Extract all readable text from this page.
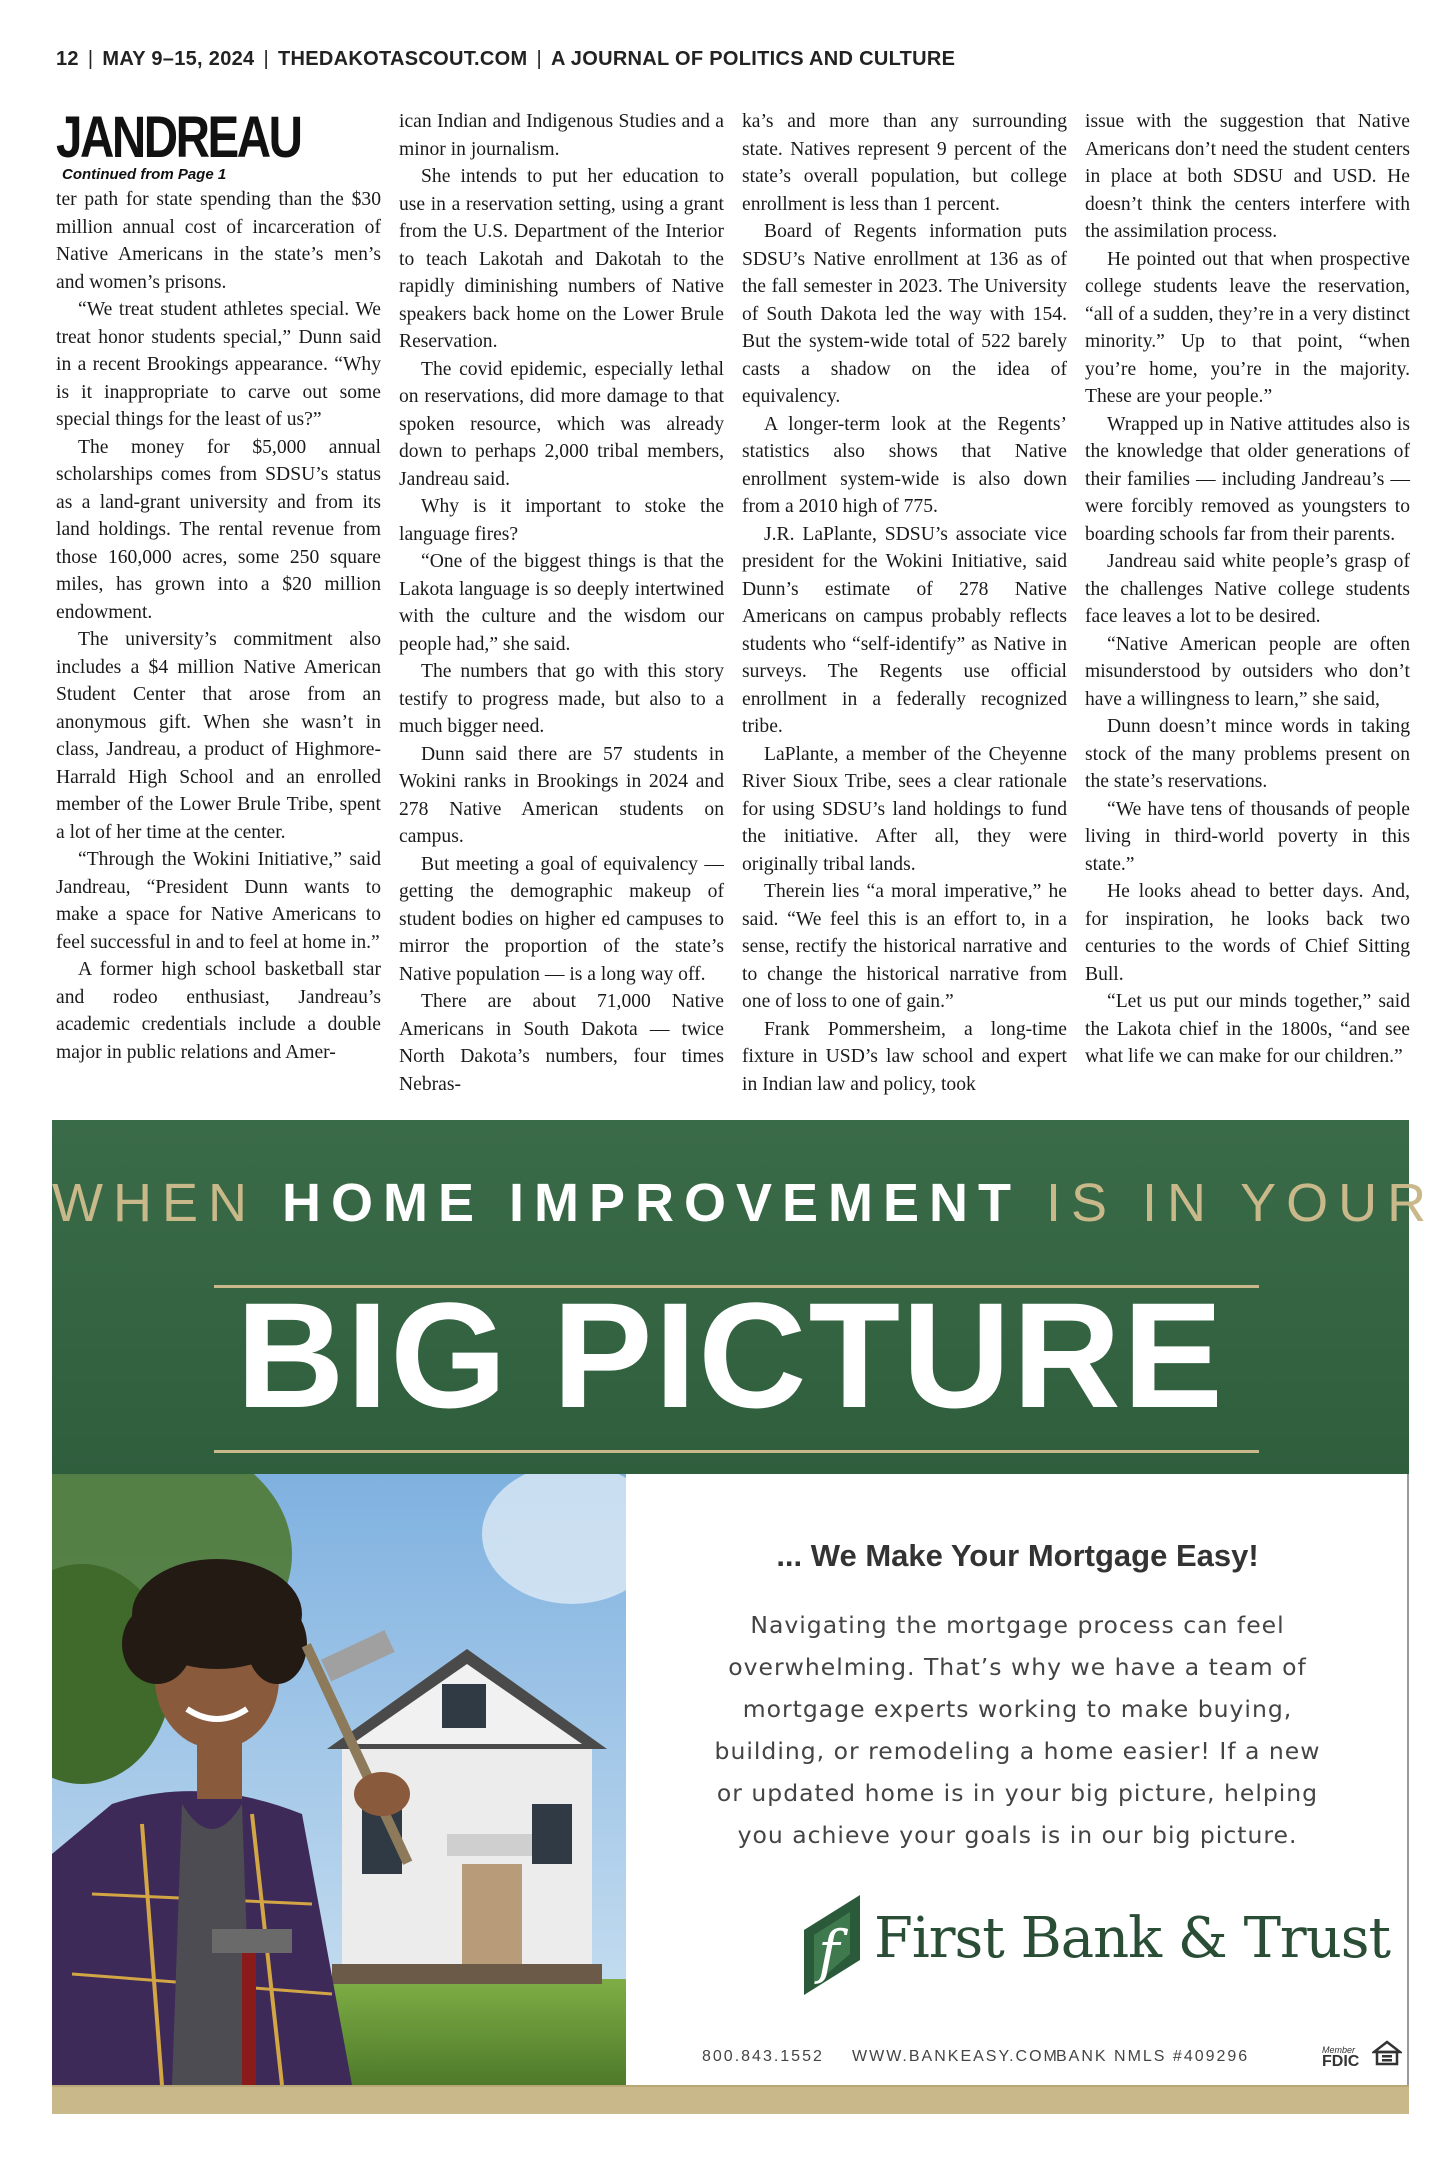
12 | MAY 9–15, 2024 | THEDAKOTASCOUT.COM | A JOURNAL OF POLITICS AND CULTURE
JANDREAU
Continued from Page 1

ter path for state spending than the $30 million annual cost of incarceration of Native Americans in the state’s men’s and women’s prisons.

“We treat student athletes special. We treat honor students special,” Dunn said in a recent Brookings appearance. “Why is it inappropriate to carve out some special things for the least of us?”

The money for $5,000 annual scholarships comes from SDSU’s status as a land-grant university and from its land holdings. The rental revenue from those 160,000 acres, some 250 square miles, has grown into a $20 million endowment.

The university’s commitment also includes a $4 million Native American Student Center that arose from an anonymous gift. When she wasn’t in class, Jandreau, a product of Highmore-Harrald High School and an enrolled member of the Lower Brule Tribe, spent a lot of her time at the center.

“Through the Wokini Initiative,” said Jandreau, “President Dunn wants to make a space for Native Americans to feel successful in and to feel at home in.”

A former high school basketball star and rodeo enthusiast, Jandreau’s academic credentials include a double major in public relations and Amer-

ican Indian and Indigenous Studies and a minor in journalism.

She intends to put her education to use in a reservation setting, using a grant from the U.S. Department of the Interior to teach Lakotah and Dakotah to the rapidly diminishing numbers of Native speakers back home on the Lower Brule Reservation.

The covid epidemic, especially lethal on reservations, did more damage to that spoken resource, which was already down to perhaps 2,000 tribal members, Jandreau said.

Why is it important to stoke the language fires?

“One of the biggest things is that the Lakota language is so deeply intertwined with the culture and the wisdom our people had,” she said.

The numbers that go with this story testify to progress made, but also to a much bigger need.

Dunn said there are 57 students in Wokini ranks in Brookings in 2024 and 278 Native American students on campus.

But meeting a goal of equivalency — getting the demographic makeup of student bodies on higher ed campuses to mirror the proportion of the state’s Native population — is a long way off.

There are about 71,000 Native Americans in South Dakota — twice North Dakota’s numbers, four times Nebras-

ka’s and more than any surrounding state. Natives represent 9 percent of the state’s overall population, but college enrollment is less than 1 percent.

Board of Regents information puts SDSU’s Native enrollment at 136 as of the fall semester in 2023. The University of South Dakota led the way with 154. But the system-wide total of 522 barely casts a shadow on the idea of equivalency.

A longer-term look at the Regents’ statistics also shows that Native enrollment system-wide is also down from a 2010 high of 775.

J.R. LaPlante, SDSU’s associate vice president for the Wokini Initiative, said Dunn’s estimate of 278 Native Americans on campus probably reflects students who “self-identify” as Native in surveys. The Regents use official enrollment in a federally recognized tribe.

LaPlante, a member of the Cheyenne River Sioux Tribe, sees a clear rationale for using SDSU’s land holdings to fund the initiative. After all, they were originally tribal lands.

Therein lies “a moral imperative,” he said. “We feel this is an effort to, in a sense, rectify the historical narrative and to change the historical narrative from one of loss to one of gain.”

Frank Pommersheim, a long-time fixture in USD’s law school and expert in Indian law and policy, took

issue with the suggestion that Native Americans don’t need the student centers in place at both SDSU and USD. He doesn’t think the centers interfere with the assimilation process.

He pointed out that when prospective college students leave the reservation, “all of a sudden, they’re in a very distinct minority.” Up to that point, “when you’re home, you’re in the majority. These are your people.”

Wrapped up in Native attitudes also is the knowledge that older generations of their families — including Jandreau’s — were forcibly removed as youngsters to boarding schools far from their parents.

Jandreau said white people’s grasp of the challenges Native college students face leaves a lot to be desired.

“Native American people are often misunderstood by outsiders who don’t have a willingness to learn,” she said,

Dunn doesn’t mince words in taking stock of the many problems present on the state’s reservations.

“We have tens of thousands of people living in third-world poverty in this state.”

He looks ahead to better days. And, for inspiration, he looks back two centuries to the words of Chief Sitting Bull.

“Let us put our minds together,” said the Lakota chief in the 1800s, “and see what life we can make for our children.”

WHEN HOME IMPROVEMENT IS IN YOUR
BIG PICTURE
... We Make Your Mortgage Easy!
Navigating the mortgage process can feel overwhelming. That’s why we have a team of mortgage experts working to make buying, building, or remodeling a home easier! If a new or updated home is in your big picture, helping you achieve your goals is in our big picture.
f First Bank & Trust
800.843.1552 WWW.BANKEASY.COM
BANK NMLS #409296	Member
FDIC
